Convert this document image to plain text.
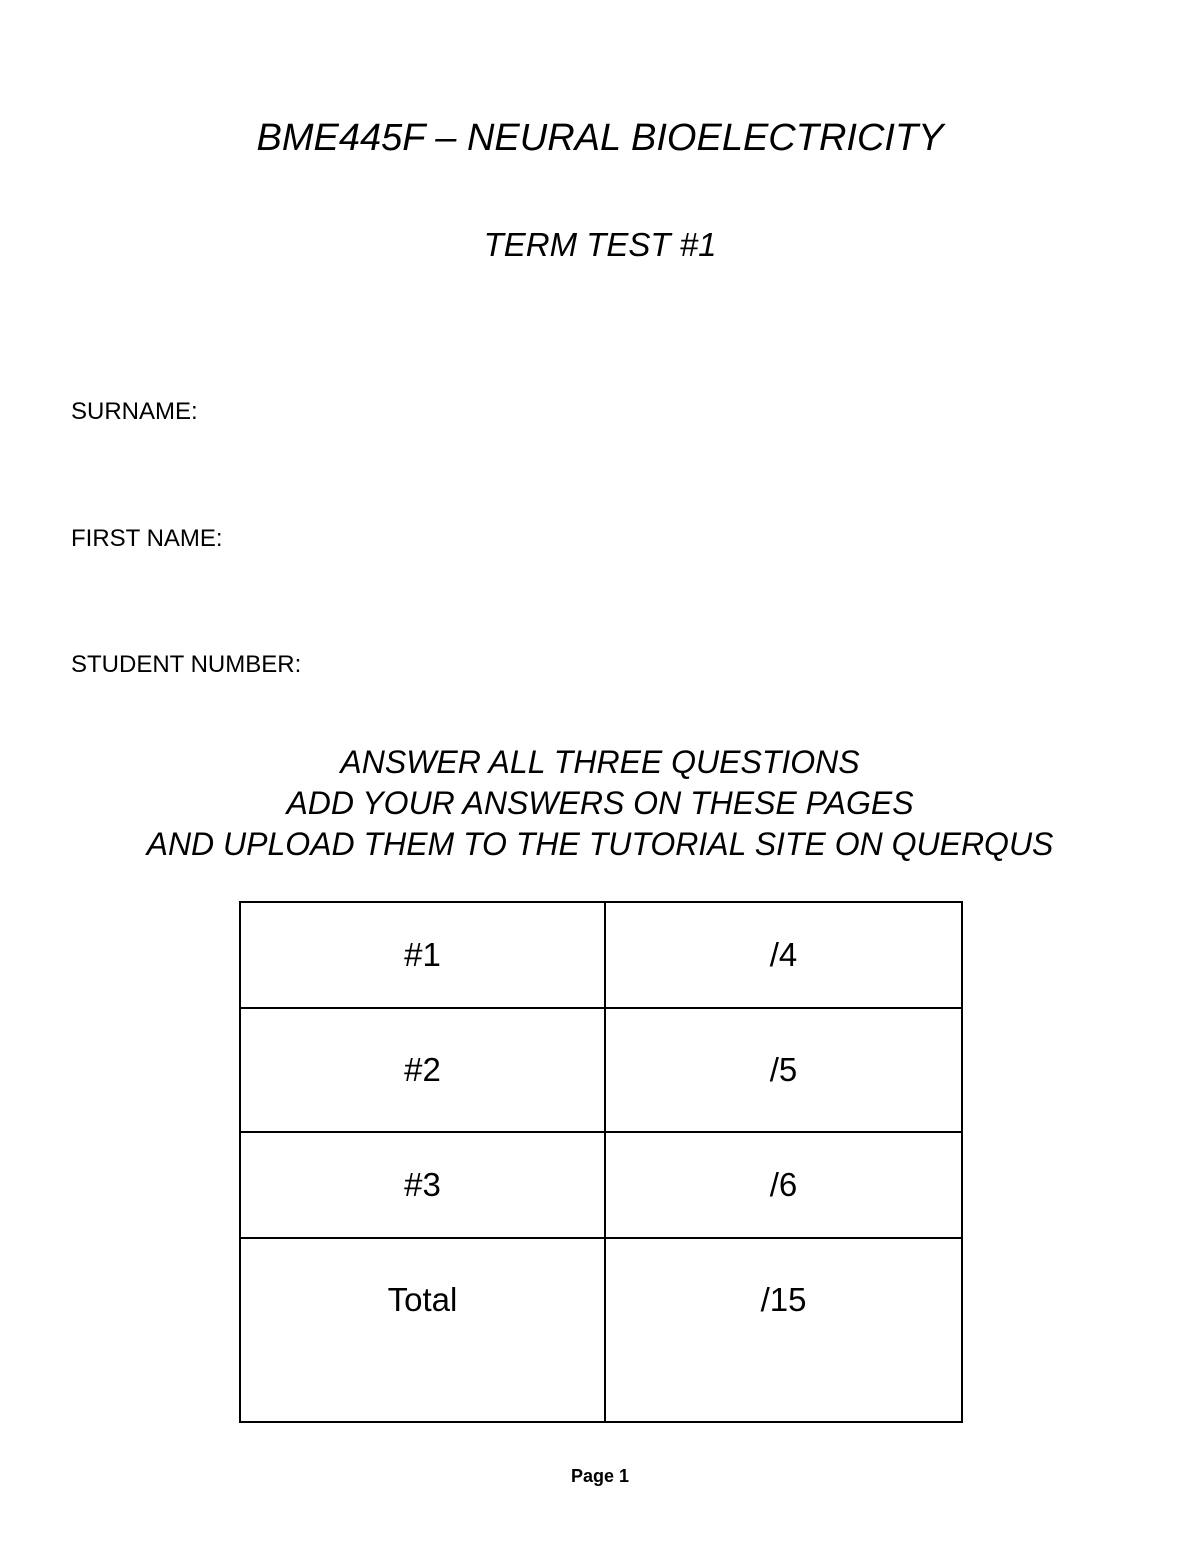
BME445F – NEURAL BIOELECTRICITY
TERM TEST #1
SURNAME:
FIRST NAME:
STUDENT NUMBER:
ANSWER ALL THREE QUESTIONS
ADD YOUR ANSWERS ON THESE PAGES
AND UPLOAD THEM TO THE TUTORIAL SITE ON QUERQUS
#1	/4
#2	/5
#3	/6
Total	/15
Page 1
